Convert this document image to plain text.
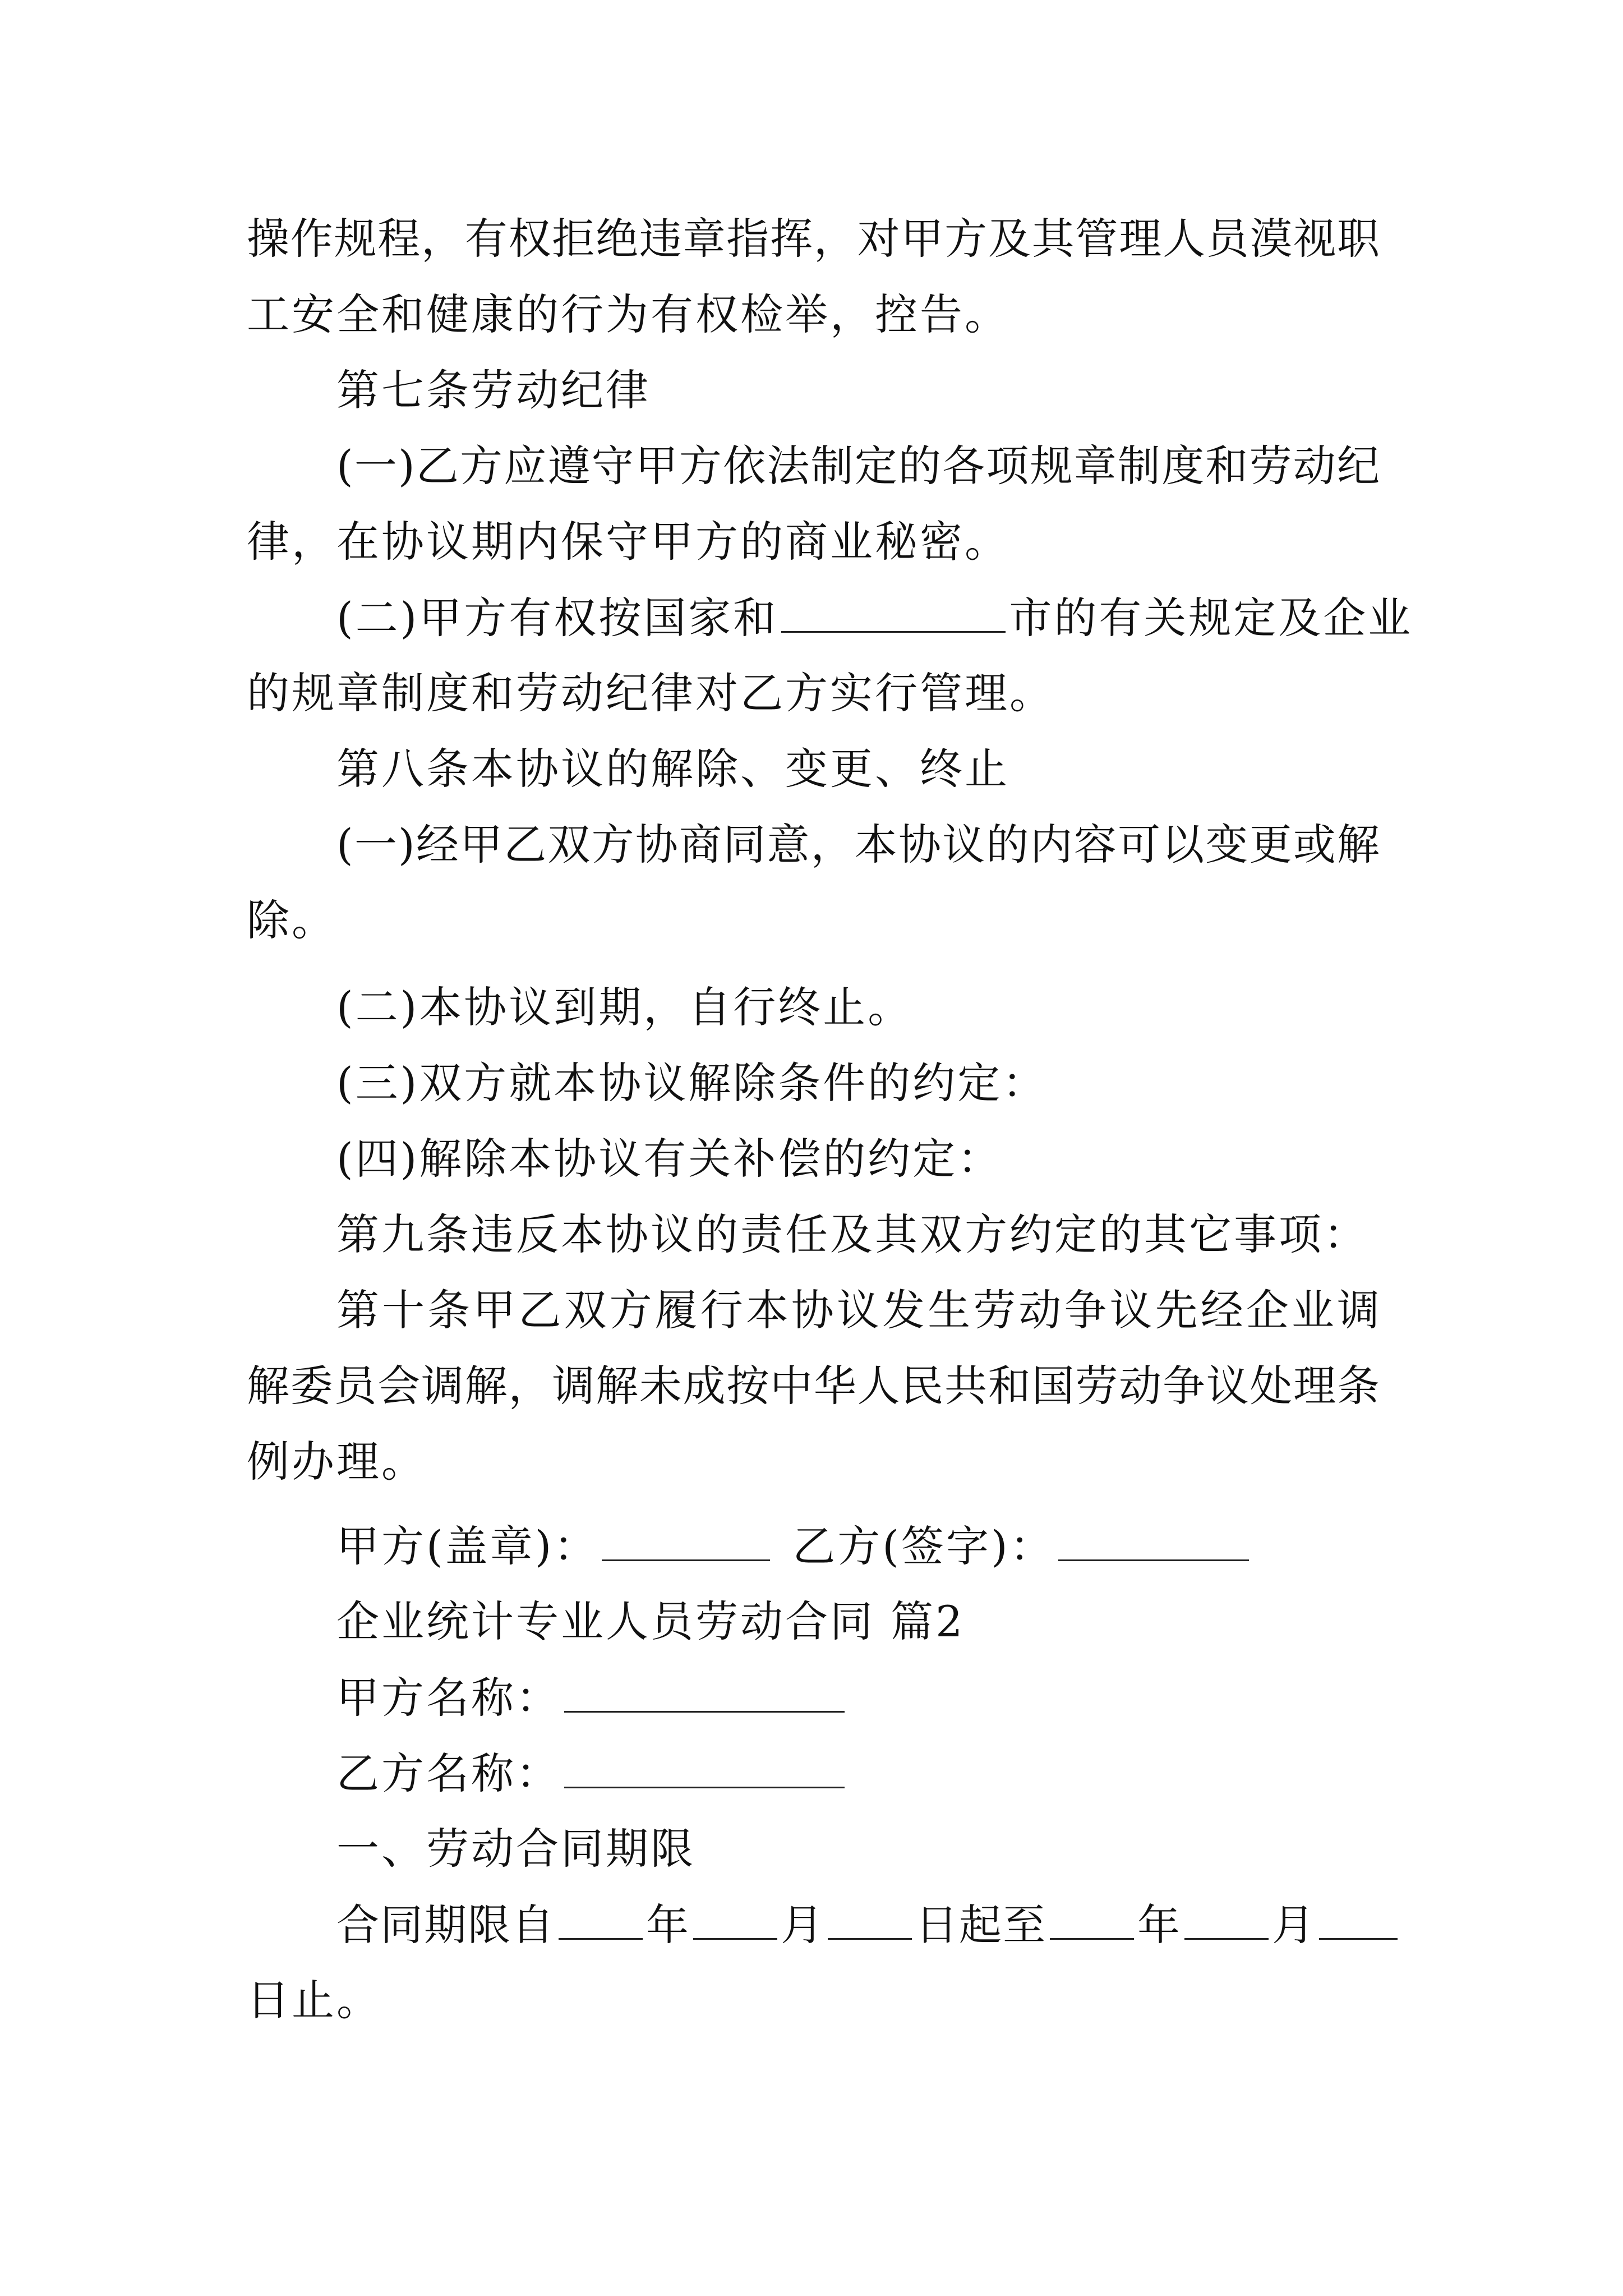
操作规程，有权拒绝违章指挥，对甲方及其管理人员漠视职
工安全和健康的行为有权检举，控告。
第七条劳动纪律
(一)乙方应遵守甲方依法制定的各项规章制度和劳动纪
律，在协议期内保守甲方的商业秘密。
(二)甲方有权按国家和	市的有关规定及企业
的规章制度和劳动纪律对乙方实行管理。
第八条本协议的解除、变更、终止
(一)经甲乙双方协商同意，本协议的内容可以变更或解
除。
(二)本协议到期，自行终止。
(三)双方就本协议解除条件的约定：
(四)解除本协议有关补偿的约定：
第九条违反本协议的责任及其双方约定的其它事项：
第十条甲乙双方履行本协议发生劳动争议先经企业调
解委员会调解，调解未成按中华人民共和国劳动争议处理条
例办理。
甲方(盖章)：	乙方(签字)：
企业统计专业人员劳动合同 篇2
甲方名称：
乙方名称：
一、劳动合同期限
合同期限自 年 月 日起至 年 月
日止。
